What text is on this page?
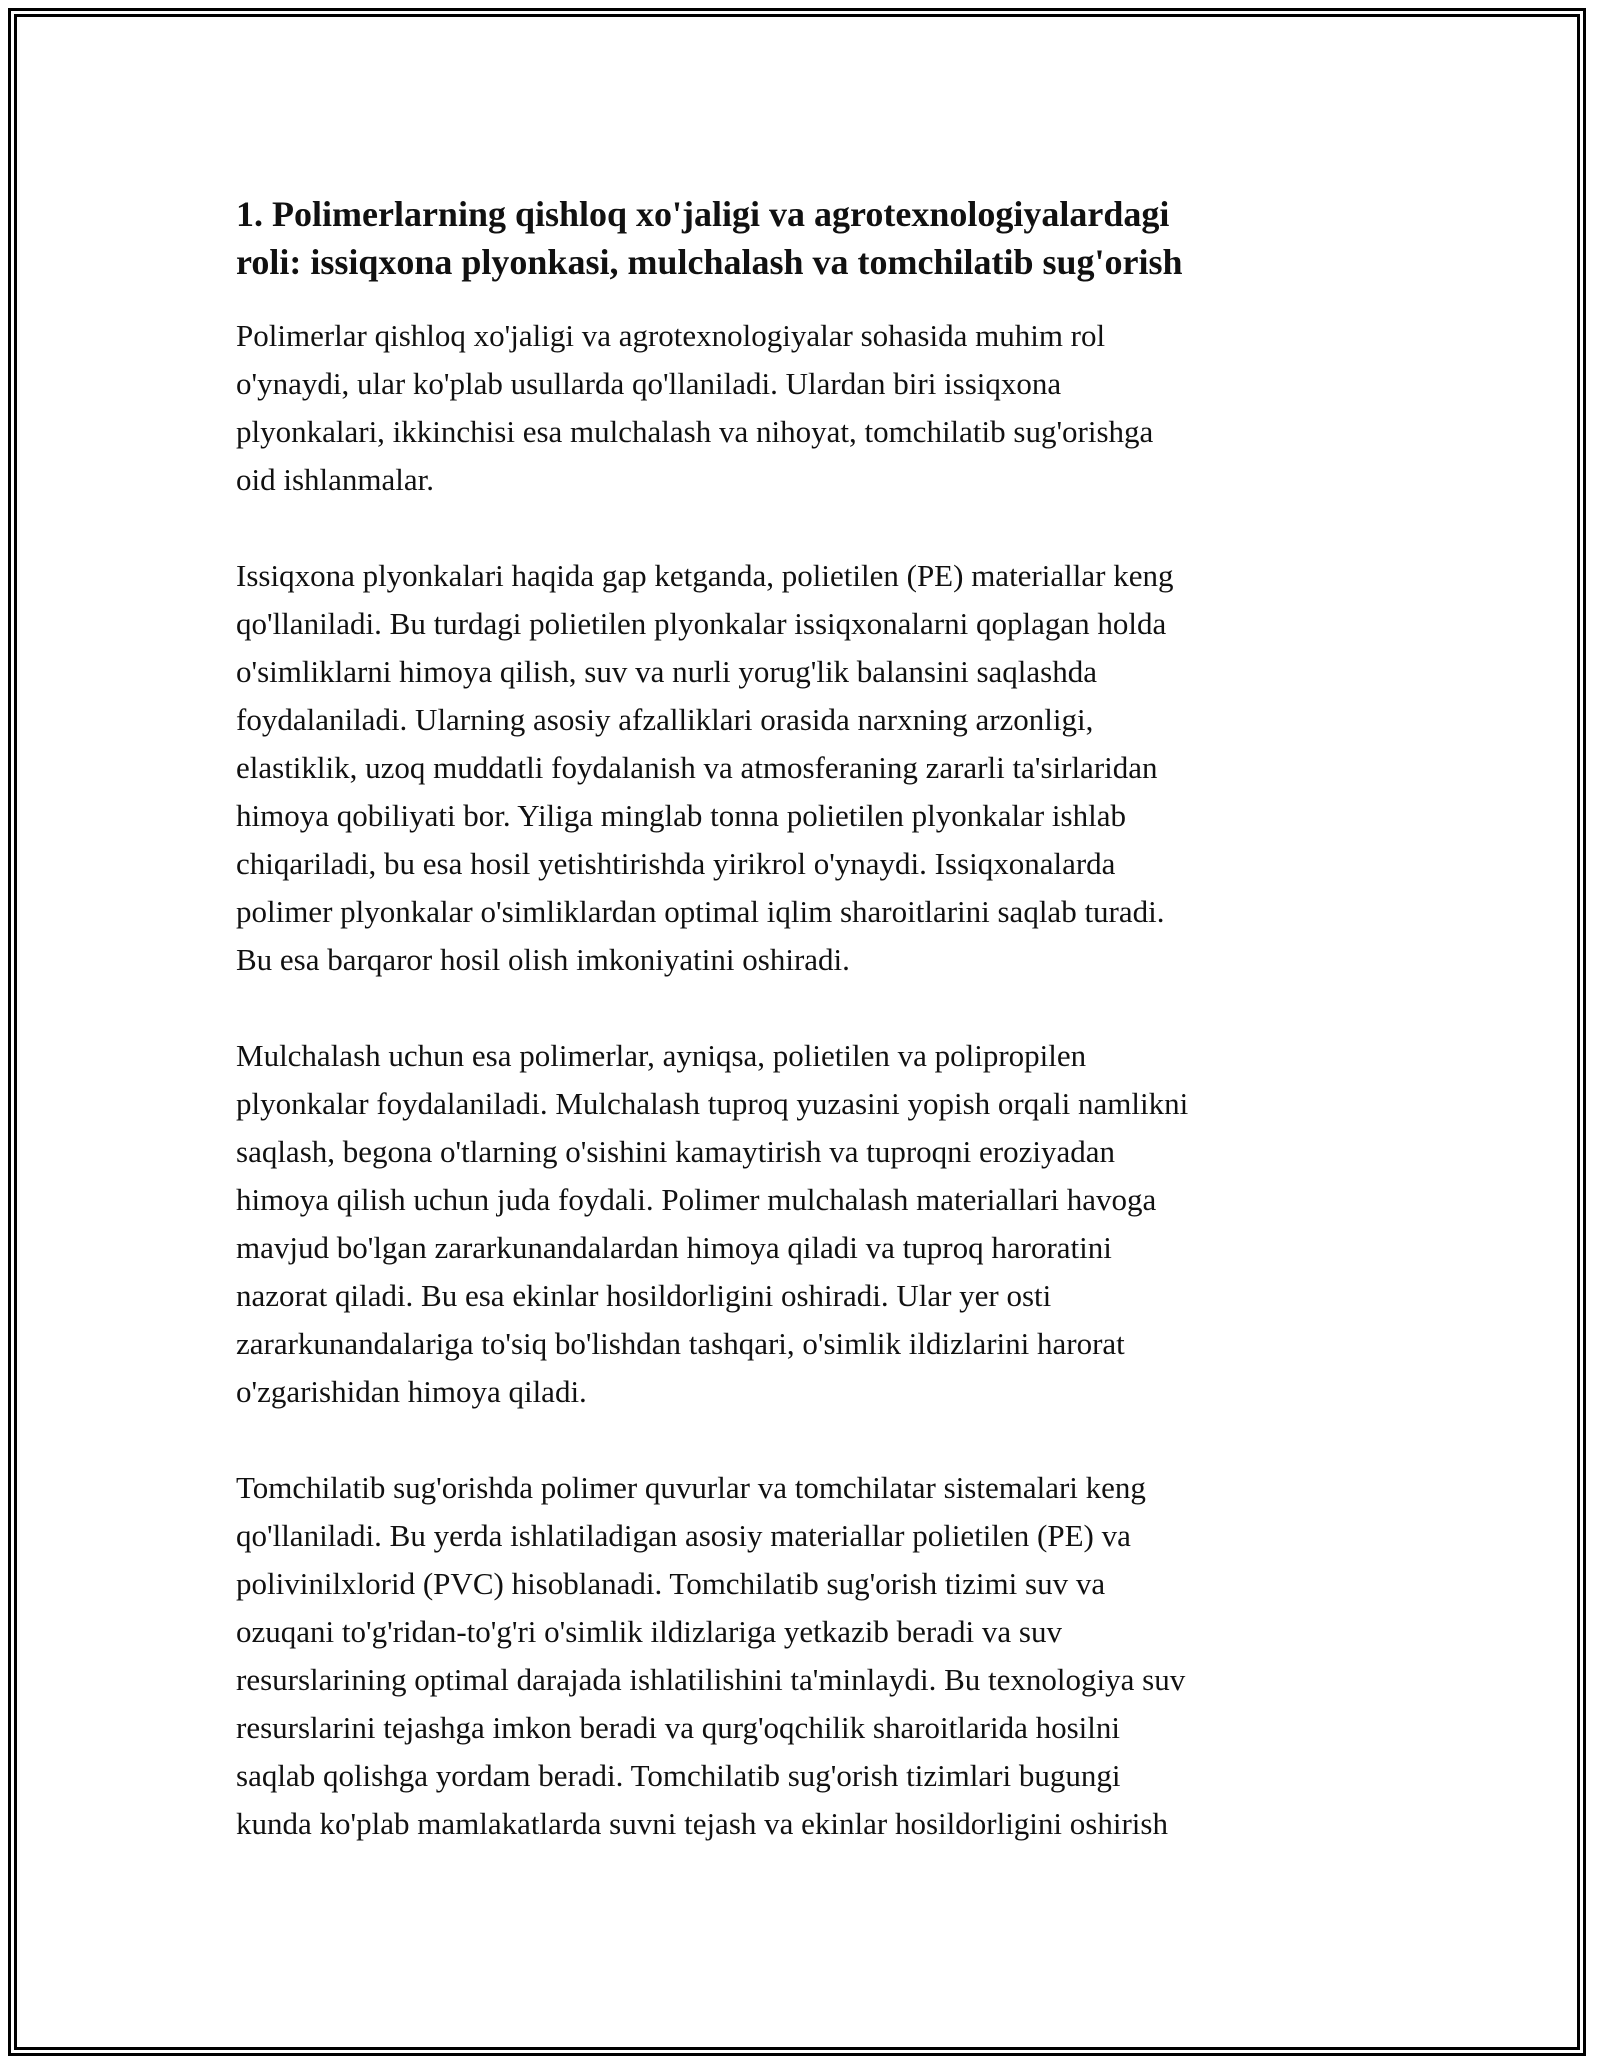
1. Polimerlarning qishloq xo'jaligi va agrotexnologiyalardagi
roli: issiqxona plyonkasi, mulchalash va tomchilatib sug'orish

Polimerlar qishloq xo'jaligi va agrotexnologiyalar sohasida muhim rol
o'ynaydi, ular ko'plab usullarda qo'llaniladi. Ulardan biri issiqxona
plyonkalari, ikkinchisi esa mulchalash va nihoyat, tomchilatib sug'orishga
oid ishlanmalar.

Issiqxona plyonkalari haqida gap ketganda, polietilen (PE) materiallar keng
qo'llaniladi. Bu turdagi polietilen plyonkalar issiqxonalarni qoplagan holda
o'simliklarni himoya qilish, suv va nurli yorug'lik balansini saqlashda
foydalaniladi. Ularning asosiy afzalliklari orasida narxning arzonligi,
elastiklik, uzoq muddatli foydalanish va atmosferaning zararli ta'sirlaridan
himoya qobiliyati bor. Yiliga minglab tonna polietilen plyonkalar ishlab
chiqariladi, bu esa hosil yetishtirishda yirikrol o'ynaydi. Issiqxonalarda
polimer plyonkalar o'simliklardan optimal iqlim sharoitlarini saqlab turadi.
Bu esa barqaror hosil olish imkoniyatini oshiradi.

Mulchalash uchun esa polimerlar, ayniqsa, polietilen va polipropilen
plyonkalar foydalaniladi. Mulchalash tuproq yuzasini yopish orqali namlikni
saqlash, begona o'tlarning o'sishini kamaytirish va tuproqni eroziyadan
himoya qilish uchun juda foydali. Polimer mulchalash materiallari havoga
mavjud bo'lgan zararkunandalardan himoya qiladi va tuproq haroratini
nazorat qiladi. Bu esa ekinlar hosildorligini oshiradi. Ular yer osti
zararkunandalariga to'siq bo'lishdan tashqari, o'simlik ildizlarini harorat
o'zgarishidan himoya qiladi.

Tomchilatib sug'orishda polimer quvurlar va tomchilatar sistemalari keng
qo'llaniladi. Bu yerda ishlatiladigan asosiy materiallar polietilen (PE) va
polivinilxlorid (PVC) hisoblanadi. Tomchilatib sug'orish tizimi suv va
ozuqani to'g'ridan-to'g'ri o'simlik ildizlariga yetkazib beradi va suv
resurslarining optimal darajada ishlatilishini ta'minlaydi. Bu texnologiya suv
resurslarini tejashga imkon beradi va qurg'oqchilik sharoitlarida hosilni
saqlab qolishga yordam beradi. Tomchilatib sug'orish tizimlari bugungi
kunda ko'plab mamlakatlarda suvni tejash va ekinlar hosildorligini oshirish
